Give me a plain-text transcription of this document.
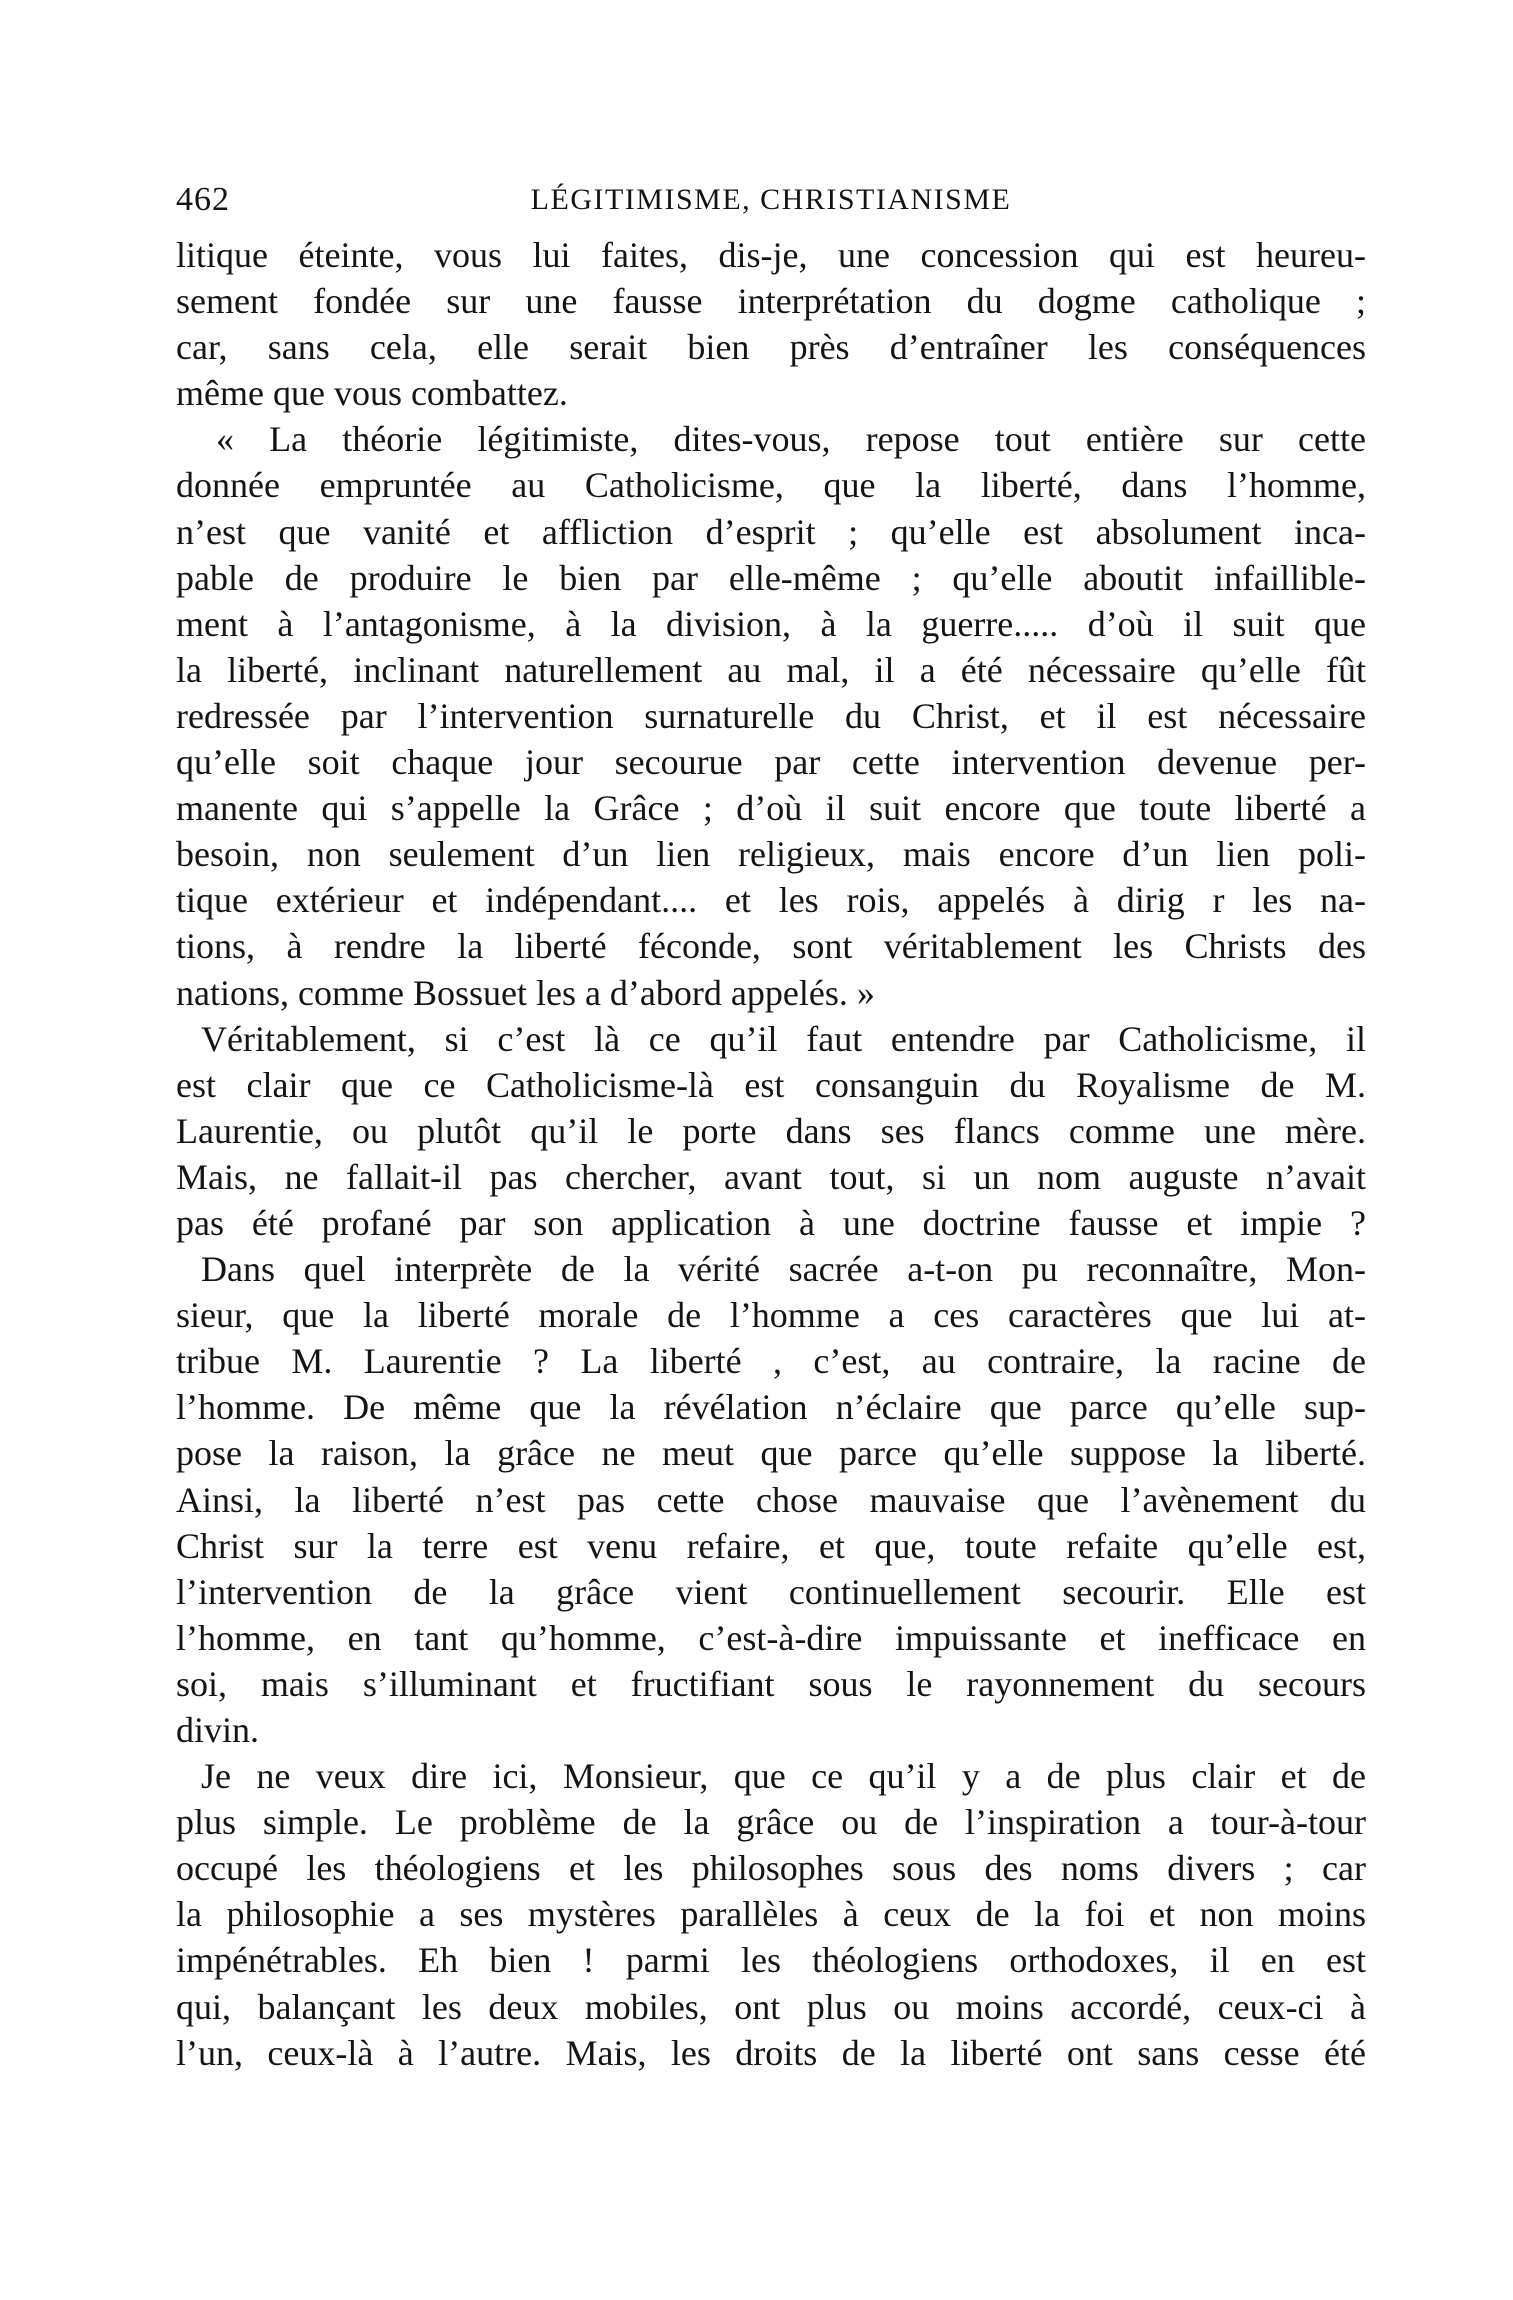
462	LÉGITIMISME, CHRISTIANISME
litique éteinte, vous lui faites, dis-je, une concession qui est heureu-
sement fondée sur une fausse interprétation du dogme catholique ;
car, sans cela, elle serait bien près d’entraîner les conséquences
même que vous combattez.
« La théorie légitimiste, dites-vous, repose tout entière sur cette
donnée empruntée au Catholicisme, que la liberté, dans l’homme,
n’est que vanité et affliction d’esprit ; qu’elle est absolument inca-
pable de produire le bien par elle-même ; qu’elle aboutit infaillible-
ment à l’antagonisme, à la division, à la guerre..... d’où il suit que
la liberté, inclinant naturellement au mal, il a été nécessaire qu’elle fût
redressée par l’intervention surnaturelle du Christ, et il est nécessaire
qu’elle soit chaque jour secourue par cette intervention devenue per-
manente qui s’appelle la Grâce ; d’où il suit encore que toute liberté a
besoin, non seulement d’un lien religieux, mais encore d’un lien poli-
tique extérieur et indépendant.... et les rois, appelés à dirig r les na-
tions, à rendre la liberté féconde, sont véritablement les Christs des
nations, comme Bossuet les a d’abord appelés. »
Véritablement, si c’est là ce qu’il faut entendre par Catholicisme, il
est clair que ce Catholicisme-là est consanguin du Royalisme de M.
Laurentie, ou plutôt qu’il le porte dans ses flancs comme une mère.
Mais, ne fallait-il pas chercher, avant tout, si un nom auguste n’avait
pas été profané par son application à une doctrine fausse et impie ?
Dans quel interprète de la vérité sacrée a-t-on pu reconnaître, Mon-
sieur, que la liberté morale de l’homme a ces caractères que lui at-
tribue M. Laurentie ? La liberté , c’est, au contraire, la racine de
l’homme. De même que la révélation n’éclaire que parce qu’elle sup-
pose la raison, la grâce ne meut que parce qu’elle suppose la liberté.
Ainsi, la liberté n’est pas cette chose mauvaise que l’avènement du
Christ sur la terre est venu refaire, et que, toute refaite qu’elle est,
l’intervention de la grâce vient continuellement secourir. Elle est
l’homme, en tant qu’homme, c’est-à-dire impuissante et inefficace en
soi, mais s’illuminant et fructifiant sous le rayonnement du secours
divin.
Je ne veux dire ici, Monsieur, que ce qu’il y a de plus clair et de
plus simple. Le problème de la grâce ou de l’inspiration a tour-à-tour
occupé les théologiens et les philosophes sous des noms divers ; car
la philosophie a ses mystères parallèles à ceux de la foi et non moins
impénétrables. Eh bien ! parmi les théologiens orthodoxes, il en est
qui, balançant les deux mobiles, ont plus ou moins accordé, ceux-ci à
l’un, ceux-là à l’autre. Mais, les droits de la liberté ont sans cesse été
